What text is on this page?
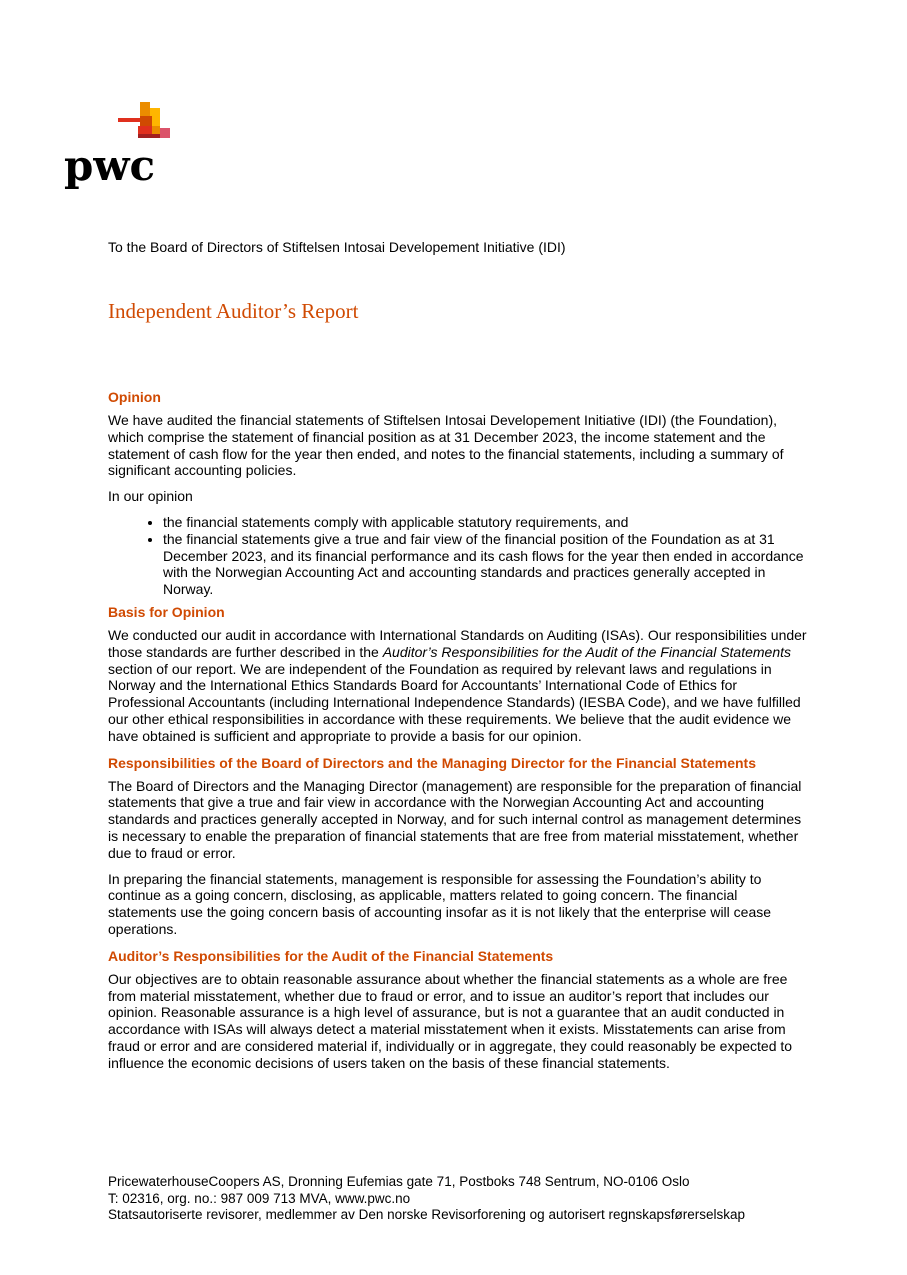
pwc
To the Board of Directors of Stiftelsen Intosai Developement Initiative (IDI)
Independent Auditor’s Report
Opinion

We have audited the financial statements of Stiftelsen Intosai Developement Initiative (IDI) (the Foundation), which comprise the statement of financial position as at 31 December 2023, the income statement and the statement of cash flow for the year then ended, and notes to the financial statements, including a summary of significant accounting policies.

In our opinion

• the financial statements comply with applicable statutory requirements, and
• the financial statements give a true and fair view of the financial position of the Foundation as at 31 December 2023, and its financial performance and its cash flows for the year then ended in accordance with the Norwegian Accounting Act and accounting standards and practices generally accepted in Norway.
Basis for Opinion

We conducted our audit in accordance with International Standards on Auditing (ISAs). Our responsibilities under those standards are further described in the Auditor’s Responsibilities for the Audit of the Financial Statements section of our report. We are independent of the Foundation as required by relevant laws and regulations in Norway and the International Ethics Standards Board for Accountants’ International Code of Ethics for Professional Accountants (including International Independence Standards) (IESBA Code), and we have fulfilled our other ethical responsibilities in accordance with these requirements. We believe that the audit evidence we have obtained is sufficient and appropriate to provide a basis for our opinion.

Responsibilities of the Board of Directors and the Managing Director for the Financial Statements

The Board of Directors and the Managing Director (management) are responsible for the preparation of financial statements that give a true and fair view in accordance with the Norwegian Accounting Act and accounting standards and practices generally accepted in Norway, and for such internal control as management determines is necessary to enable the preparation of financial statements that are free from material misstatement, whether due to fraud or error.

In preparing the financial statements, management is responsible for assessing the Foundation’s ability to continue as a going concern, disclosing, as applicable, matters related to going concern. The financial statements use the going concern basis of accounting insofar as it is not likely that the enterprise will cease operations.

Auditor’s Responsibilities for the Audit of the Financial Statements

Our objectives are to obtain reasonable assurance about whether the financial statements as a whole are free from material misstatement, whether due to fraud or error, and to issue an auditor’s report that includes our opinion. Reasonable assurance is a high level of assurance, but is not a guarantee that an audit conducted in accordance with ISAs will always detect a material misstatement when it exists. Misstatements can arise from fraud or error and are considered material if, individually or in aggregate, they could reasonably be expected to influence the economic decisions of users taken on the basis of these financial statements.

PricewaterhouseCoopers AS, Dronning Eufemias gate 71, Postboks 748 Sentrum, NO-0106 Oslo
T: 02316, org. no.: 987 009 713 MVA, www.pwc.no
Statsautoriserte revisorer, medlemmer av Den norske Revisorforening og autorisert regnskapsførerselskap
